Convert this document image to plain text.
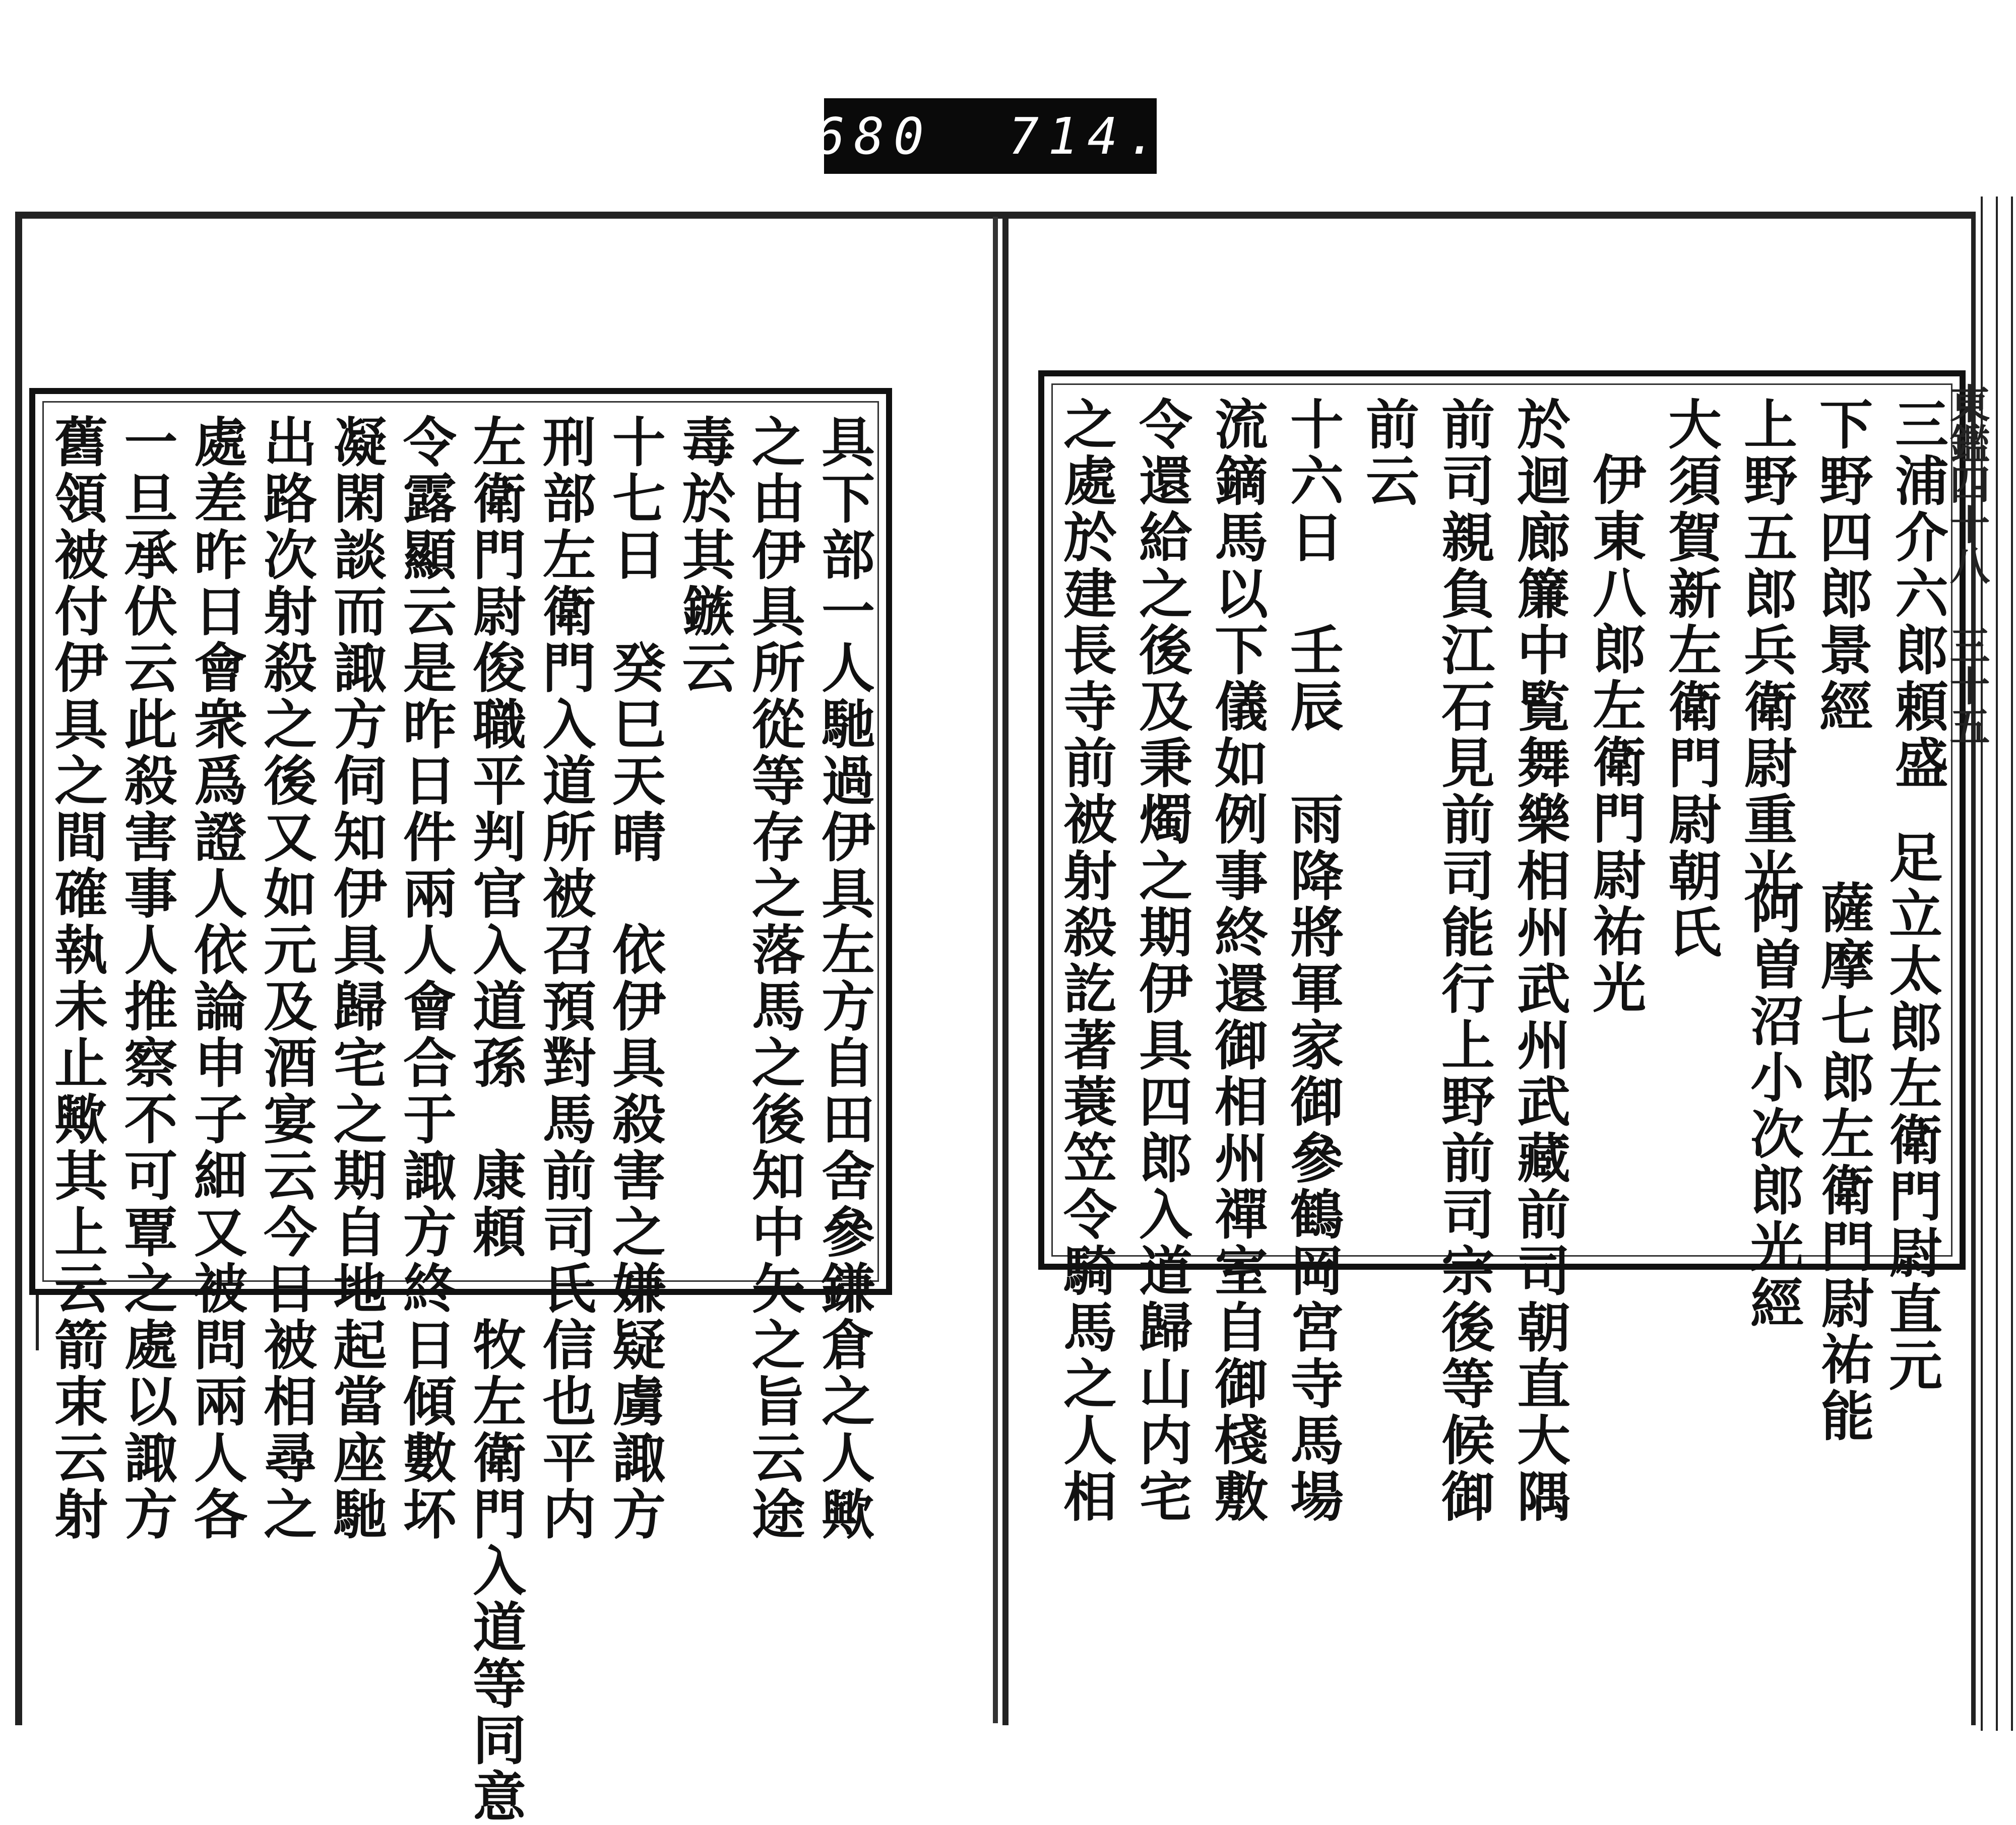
680 714.
三浦介六郎頼盛
下野四郎景經
上野五郎兵衛尉重光
大須賀新左衛門尉朝氏
伊東八郎左衛門尉祐光
於迴廊簾中覧舞樂相州武州武藏前司朝直大隅
前司親負江石見前司能行上野前司宗後等候御
前云
十六日　壬辰　雨降將軍家御參鶴岡宮寺馬場
流鏑馬以下儀如例事終還御相州禪室自御棧敷
令還給之後及秉燭之期伊具四郎入道歸山内宅
之處於建長寺前被射殺訖著蓑笠令騎馬之人相	足立太郎左衛門尉直元
薩摩七郎左衛門尉祐能
阿曽沼小次郎光經
具下部一人馳過伊具左方自田舍參鎌倉之人歟
之由伊具所從等存之落馬之後知中矢之旨云途
毒於其鏃云
十七日　癸巳天晴　依伊具殺害之嫌疑虜諏方
刑部左衛門入道所被召預對馬前司氏信也平内
左衛門尉俊職平判官入道孫　康頼　牧左衛門入道等同意
令露顯云是昨日件兩人會合于諏方終日傾數坏
凝閑談而諏方伺知伊具歸宅之期自地起當座馳
出路次射殺之後又如元及酒宴云今日被相尋之
處差昨日會衆爲證人依論申子細又被問兩人各
一旦承伏云此殺害事人推察不可覃之處以諏方
舊領被付伊具之間確執未止歟其上云箭束云射	東鑑四十八　三十五
